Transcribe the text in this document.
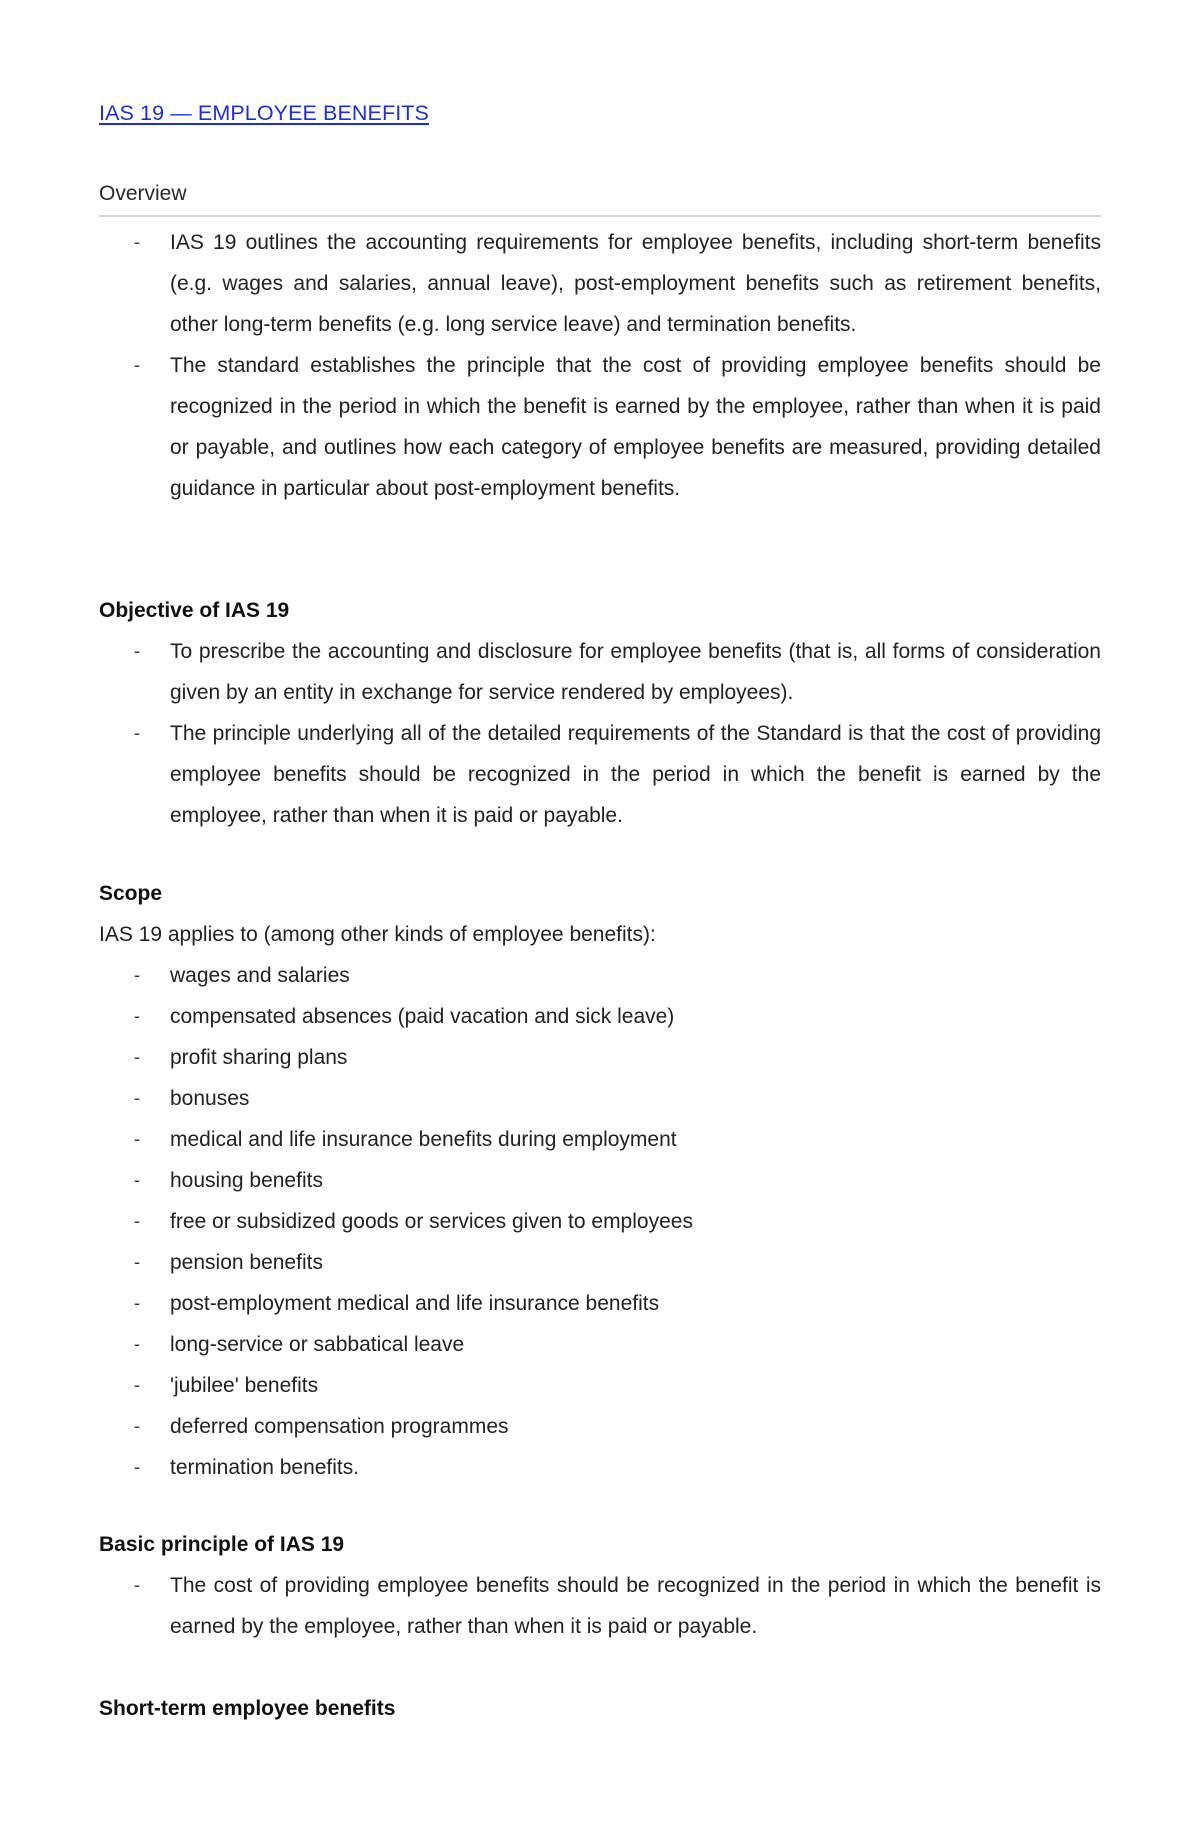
IAS 19 — EMPLOYEE BENEFITS
Overview
- IAS 19 outlines the accounting requirements for employee benefits, including short-term benefits (e.g. wages and salaries, annual leave), post-employment benefits such as retirement benefits, other long-term benefits (e.g. long service leave) and termination benefits.
- The standard establishes the principle that the cost of providing employee benefits should be recognized in the period in which the benefit is earned by the employee, rather than when it is paid or payable, and outlines how each category of employee benefits are measured, providing detailed guidance in particular about post-employment benefits.
Objective of IAS 19
- To prescribe the accounting and disclosure for employee benefits (that is, all forms of consideration given by an entity in exchange for service rendered by employees).
- The principle underlying all of the detailed requirements of the Standard is that the cost of providing employee benefits should be recognized in the period in which the benefit is earned by the employee, rather than when it is paid or payable.
Scope

IAS 19 applies to (among other kinds of employee benefits):

- wages and salaries
- compensated absences (paid vacation and sick leave)
- profit sharing plans
- bonuses
- medical and life insurance benefits during employment
- housing benefits
- free or subsidized goods or services given to employees
- pension benefits
- post-employment medical and life insurance benefits
- long-service or sabbatical leave
- 'jubilee' benefits
- deferred compensation programmes
- termination benefits.
Basic principle of IAS 19
- The cost of providing employee benefits should be recognized in the period in which the benefit is earned by the employee, rather than when it is paid or payable.
Short-term employee benefits
